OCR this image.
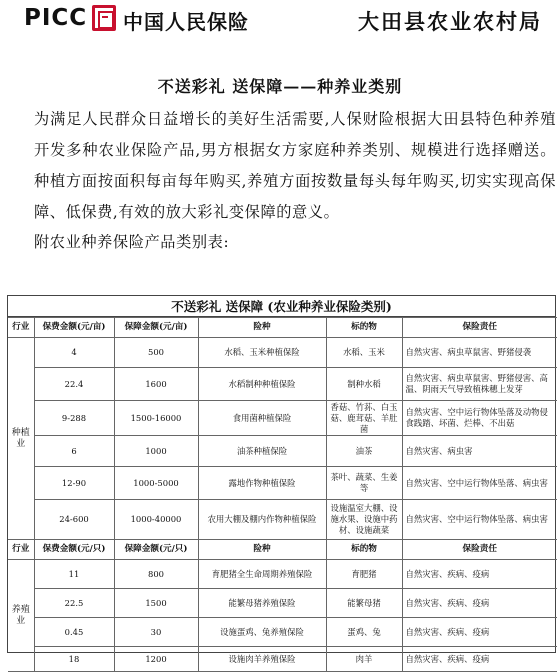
PICC 中国人民保险	大田县农业农村局
不送彩礼 送保障——种养业类别
为满足人民群众日益增长的美好生活需要,人保财险根据大田县特色种养殖开发多种农业保险产品,男方根据女方家庭种养类别、规模进行选择赠送。种植方面按面积每亩每年购买,养殖方面按数量每头每年购买,切实实现高保障、低保费,有效的放大彩礼变保障的意义。
附农业种养保险产品类别表:
不送彩礼 送保障 (农业种养业保险类别)
行业	保费金额(元/亩)	保障金额(元/亩)	险种	标的物	保险责任
种植业	4	500	水稻、玉米种植保险	水稻、玉米	自然灾害、病虫草鼠害、野猪侵袭
	22.4	1600	水稻制种种植保险	制种水稻	自然灾害、病虫草鼠害、野猪侵害、高温、阴雨天气导致植株穗上发芽
	9-288	1500-16000	食用菌种植保险	香菇、竹荪、白玉菇、鹿茸菇、羊肚菌	自然灾害、空中运行物体坠落及动物侵食践踏、坏菌、烂棒、不出菇
	6	1000	油茶种植保险	油茶	自然灾害、病虫害
	12-90	1000-5000	露地作物种植保险	茶叶、蔬菜、生姜等	自然灾害、空中运行物体坠落、病虫害
	24-600	1000-40000	农用大棚及棚内作物种植保险	设施温室大棚、设施水果、设施中药材、设施蔬菜	自然灾害、空中运行物体坠落、病虫害
行业	保费金额(元/只)	保障金额(元/只)	险种	标的物	保险责任
养殖业	11	800	育肥猪全生命周期养殖保险	育肥猪	自然灾害、疾病、疫病
	22.5	1500	能繁母猪养殖保险	能繁母猪	自然灾害、疾病、疫病
	0.45	30	设施蛋鸡、兔养殖保险	蛋鸡、兔	自然灾害、疾病、疫病
	18	1200	设施肉羊养殖保险	肉羊	自然灾害、疾病、疫病
